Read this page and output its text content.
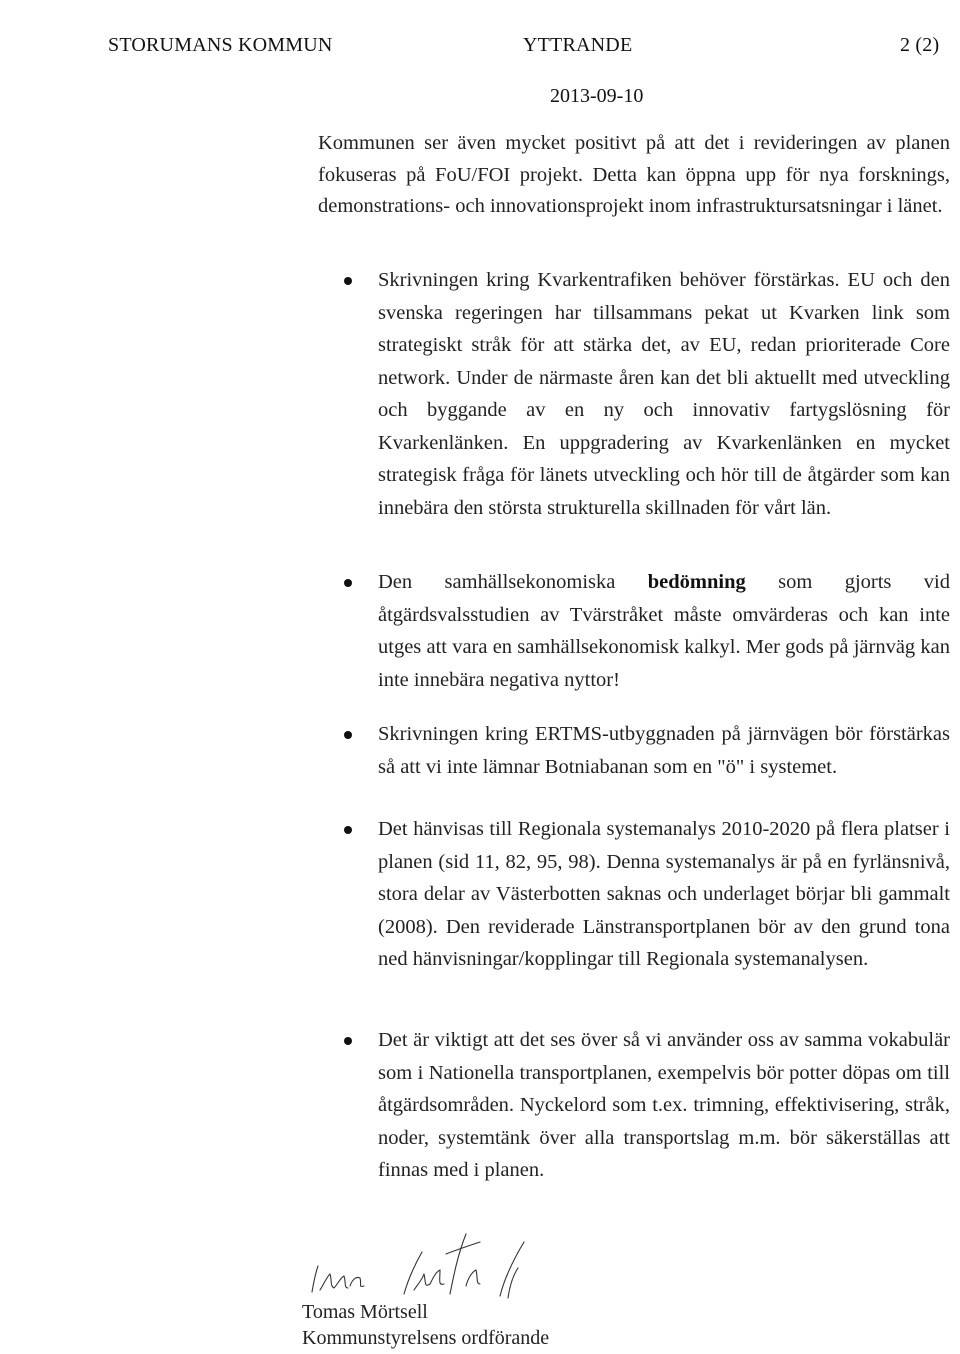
STORUMANS KOMMUN	YTTRANDE	2 (2)
2013-09-10

Kommunen ser även mycket positivt på att det i revideringen av planen fokuseras på FoU/FOI projekt. Detta kan öppna upp för nya forsknings, demonstrations- och innovationsprojekt inom infrastruktursatsningar i länet.

Skrivningen kring Kvarkentrafiken behöver förstärkas. EU och den svenska regeringen har tillsammans pekat ut Kvarken link som strategiskt stråk för att stärka det, av EU, redan prioriterade Core network. Under de närmaste åren kan det bli aktuellt med utveckling och byggande av en ny och innovativ fartygslösning för Kvarkenlänken. En uppgradering av Kvarkenlänken en mycket strategisk fråga för länets utveckling och hör till de åtgärder som kan innebära den största strukturella skillnaden för vårt län.
Den samhällsekonomiska bedömning som gjorts vid åtgärdsvalsstudien av Tvärstråket måste omvärderas och kan inte utges att vara en samhällsekonomisk kalkyl. Mer gods på järnväg kan inte innebära negativa nyttor!
Skrivningen kring ERTMS-utbyggnaden på järnvägen bör förstärkas så att vi inte lämnar Botniabanan som en "ö" i systemet.
Det hänvisas till Regionala systemanalys 2010-2020 på flera platser i planen (sid 11, 82, 95, 98). Denna systemanalys är på en fyrlänsnivå, stora delar av Västerbotten saknas och underlaget börjar bli gammalt (2008). Den reviderade Länstransportplanen bör av den grund tona ned hänvisningar/kopplingar till Regionala systemanalysen.
Det är viktigt att det ses över så vi använder oss av samma vokabulär som i Nationella transportplanen, exempelvis bör potter döpas om till åtgärdsområden. Nyckelord som t.ex. trimning, effektivisering, stråk, noder, systemtänk över alla transportslag m.m. bör säkerställas att finnas med i planen.
Tomas Mörtsell
Kommunstyrelsens ordförande
